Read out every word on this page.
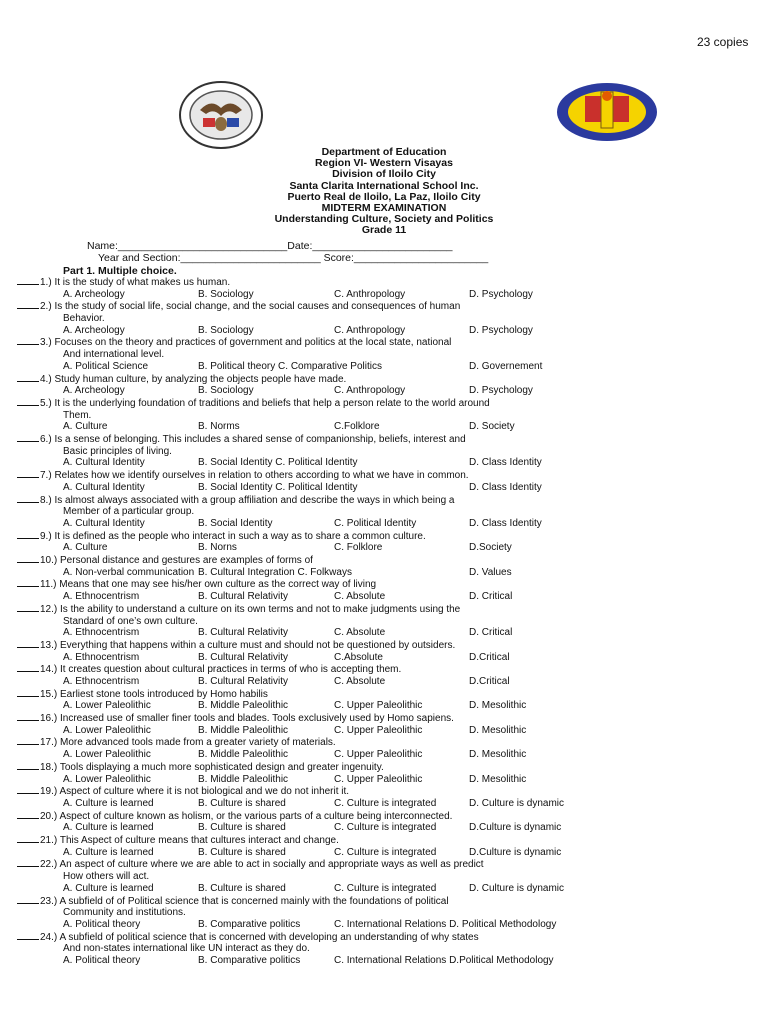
23 copies
Department of Education
Region VI- Western Visayas
Division of Iloilo City
Santa Clarita International School Inc.
Puerto Real de Iloilo, La Paz, Iloilo City
MIDTERM EXAMINATION
Understanding Culture, Society and Politics
Grade 11
Name:_____________________________Date:________________________
Year and Section:________________________ Score:_______________________
Part 1. Multiple choice.
1.) It is the study of what makes us human.
A. Archeology	B. Sociology	C. Anthropology	D. Psychology
2.) Is the study of social life, social change, and the social causes and consequences of human
Behavior.
A. Archeology	B. Sociology	C. Anthropology	D. Psychology
3.) Focuses on the theory and practices of government and politics at the local state, national
And international level.
A. Political Science	B. Political theory C. Comparative Politics	D. Governement
4.) Study human culture, by analyzing the objects people have made.
A. Archeology	B. Sociology	C. Anthropology	D. Psychology
5.) It is the underlying foundation of traditions and beliefs that help a person relate to the world around
Them.
A. Culture	B. Norms	C.Folklore	D. Society
6.) Is a sense of belonging. This includes a shared sense of companionship, beliefs, interest and
Basic principles of living.
A. Cultural Identity	B. Social Identity C. Political Identity	D. Class Identity
7.) Relates how we identify ourselves in relation to others according to what we have in common.
A. Cultural Identity	B. Social Identity C. Political Identity	D. Class Identity
8.) Is almost always associated with a group affiliation and describe the ways in which being a
Member of a particular group.
A. Cultural Identity	B. Social Identity	C. Political Identity	D. Class Identity
9.) It is defined as the people who interact in such a way as to share a common culture.
A. Culture	B. Norns	C. Folklore	D.Society
10.) Personal distance and gestures are examples of forms of
A. Non-verbal communication B. Cultural Integration C. Folkways	D. Values
11.) Means that one may see his/her own culture as the correct way of living
A. Ethnocentrism	B. Cultural Relativity	C. Absolute	D. Critical
12.) Is the ability to understand a culture on its own terms and not to make judgments using the
Standard of one’s own culture.
A. Ethnocentrism	B. Cultural Relativity	C. Absolute	D. Critical
13.) Everything that happens within a culture must and should not be questioned by outsiders.
A. Ethnocentrism	B. Cultural Relativity	C.Absolute	D.Critical
14.) It creates question about cultural practices in terms of who is accepting them.
A. Ethnocentrism	B. Cultural Relativity	C. Absolute	D.Critical
15.) Earliest stone tools introduced by Homo habilis
A. Lower Paleolithic	B. Middle Paleolithic	C. Upper Paleolithic	D. Mesolithic
16.) Increased use of smaller finer tools and blades. Tools exclusively used by Homo sapiens.
A. Lower Paleolithic	B. Middle Paleolithic	C. Upper Paleolithic	D. Mesolithic
17.) More advanced tools made from a greater variety of materials.
A. Lower Paleolithic	B. Middle Paleolithic	C. Upper Paleolithic	D. Mesolithic
18.) Tools displaying a much more sophisticated design and greater ingenuity.
A. Lower Paleolithic	B. Middle Paleolithic	C. Upper Paleolithic	D. Mesolithic
19.) Aspect of culture where it is not biological and we do not inherit it.
A. Culture is learned	B. Culture is shared	C. Culture is integrated	D. Culture is dynamic
20.) Aspect of culture known as holism, or the various parts of a culture being interconnected.
A. Culture is learned	B. Culture is shared	C. Culture is integrated	D.Culture is dynamic
21.) This Aspect of culture means that cultures interact and change.
A. Culture is learned	B. Culture is shared	C. Culture is integrated	D.Culture is dynamic
22.) An aspect of culture where we are able to act in socially and appropriate ways as well as predict
How others will act.
A. Culture is learned	B. Culture is shared	C. Culture is integrated	D. Culture is dynamic
23.) A subfield of of Political science that is concerned mainly with the foundations of political
Community and institutions.
A. Political theory	B. Comparative politics	C. International Relations D. Political Methodology
24.) A subfield of political science that is concerned with developing an understanding of why states
And non-states international like UN interact as they do.
A. Political theory	B. Comparative politics	C. International Relations D.Political Methodology
